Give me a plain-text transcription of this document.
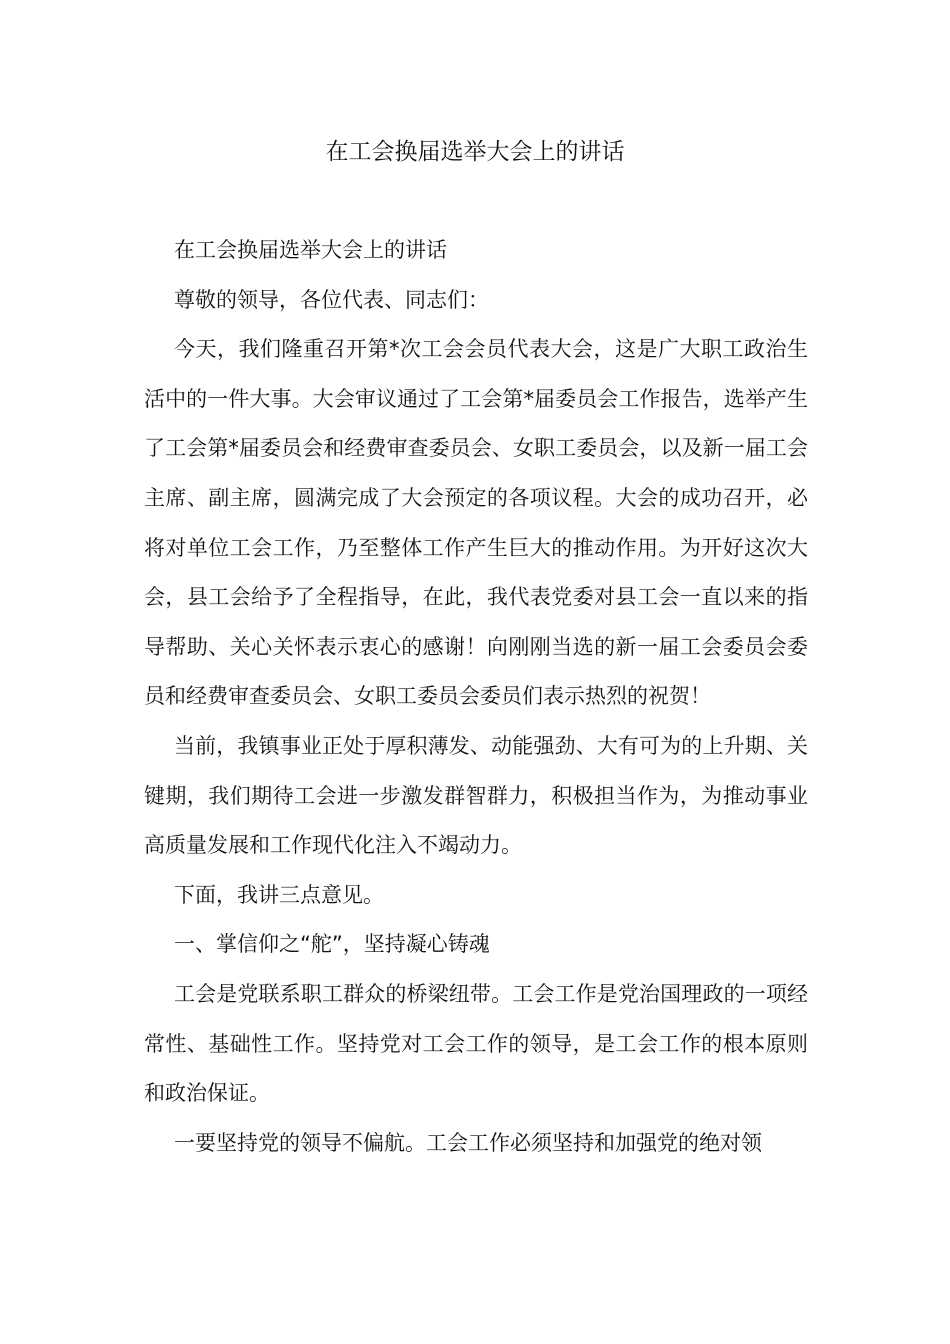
在工会换届选举大会上的讲话

在工会换届选举大会上的讲话

尊敬的领导，各位代表、同志们：

今天，我们隆重召开第*次工会会员代表大会，这是广大职工政治生活中的一件大事。大会审议通过了工会第*届委员会工作报告，选举产生了工会第*届委员会和经费审查委员会、女职工委员会，以及新一届工会主席、副主席，圆满完成了大会预定的各项议程。大会的成功召开，必将对单位工会工作，乃至整体工作产生巨大的推动作用。为开好这次大会，县工会给予了全程指导，在此，我代表党委对县工会一直以来的指导帮助、关心关怀表示衷心的感谢！向刚刚当选的新一届工会委员会委员和经费审查委员会、女职工委员会委员们表示热烈的祝贺！

当前，我镇事业正处于厚积薄发、动能强劲、大有可为的上升期、关键期，我们期待工会进一步激发群智群力，积极担当作为，为推动事业高质量发展和工作现代化注入不竭动力。

下面，我讲三点意见。

一、掌信仰之“舵”，坚持凝心铸魂

工会是党联系职工群众的桥梁纽带。工会工作是党治国理政的一项经常性、基础性工作。坚持党对工会工作的领导，是工会工作的根本原则和政治保证。

一要坚持党的领导不偏航。工会工作必须坚持和加强党的绝对领
